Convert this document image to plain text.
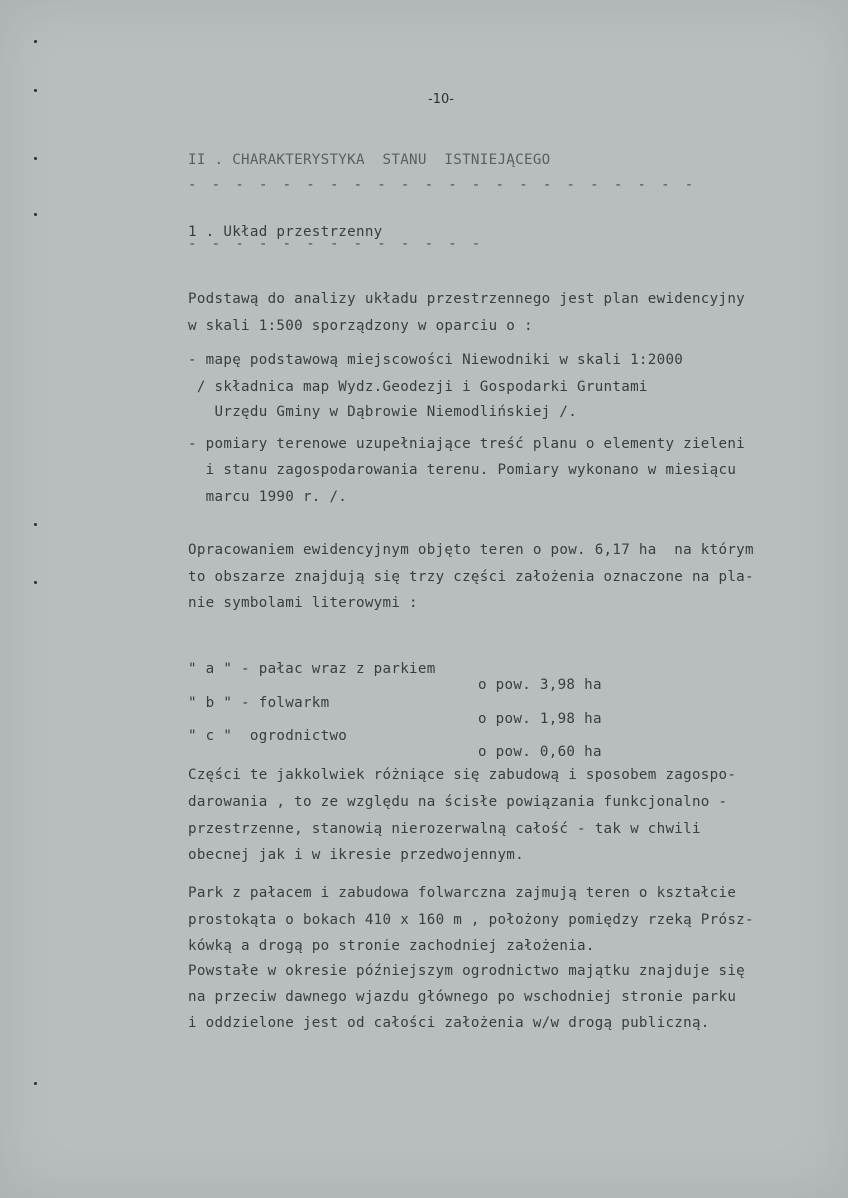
-10-
II . CHARAKTERYSTYKA  STANU  ISTNIEJĄCEGO
- - - - - - - - - - - - - - - - - - - - - -
1 . Układ przestrzenny
- - - - - - - - - - - - -
Podstawą do analizy układu przestrzennego jest plan ewidencyjny
w skali 1:500 sporządzony w oparciu o :
- mapę podstawową miejscowości Niewodniki w skali 1:2000
/ składnica map Wydz.Geodezji i Gospodarki Gruntami
Urzędu Gminy w Dąbrowie Niemodlińskiej /.
- pomiary terenowe uzupełniające treść planu o elementy zieleni
i stanu zagospodarowania terenu. Pomiary wykonano w miesiącu
marcu 1990 r. /.
Opracowaniem ewidencyjnym objęto teren o pow. 6,17 ha  na którym
to obszarze znajdują się trzy części założenia oznaczone na pla-
nie symbolami literowymi :

" a " - pałac wraz z parkiem

o pow. 3,98 ha

" b " - folwarkm

o pow. 1,98 ha

" c "  ogrodnictwo

o pow. 0,60 ha

Części te jakkolwiek różniące się zabudową i sposobem zagospo-
darowania , to ze względu na ścisłe powiązania funkcjonalno -
przestrzenne, stanowią nierozerwalną całość - tak w chwili
obecnej jak i w ikresie przedwojennym.
Park z pałacem i zabudowa folwarczna zajmują teren o kształcie
prostokąta o bokach 410 x 160 m , położony pomiędzy rzeką Prósz-
kówką a drogą po stronie zachodniej założenia.
Powstałe w okresie późniejszym ogrodnictwo majątku znajduje się
na przeciw dawnego wjazdu głównego po wschodniej stronie parku
i oddzielone jest od całości założenia w/w drogą publiczną.
